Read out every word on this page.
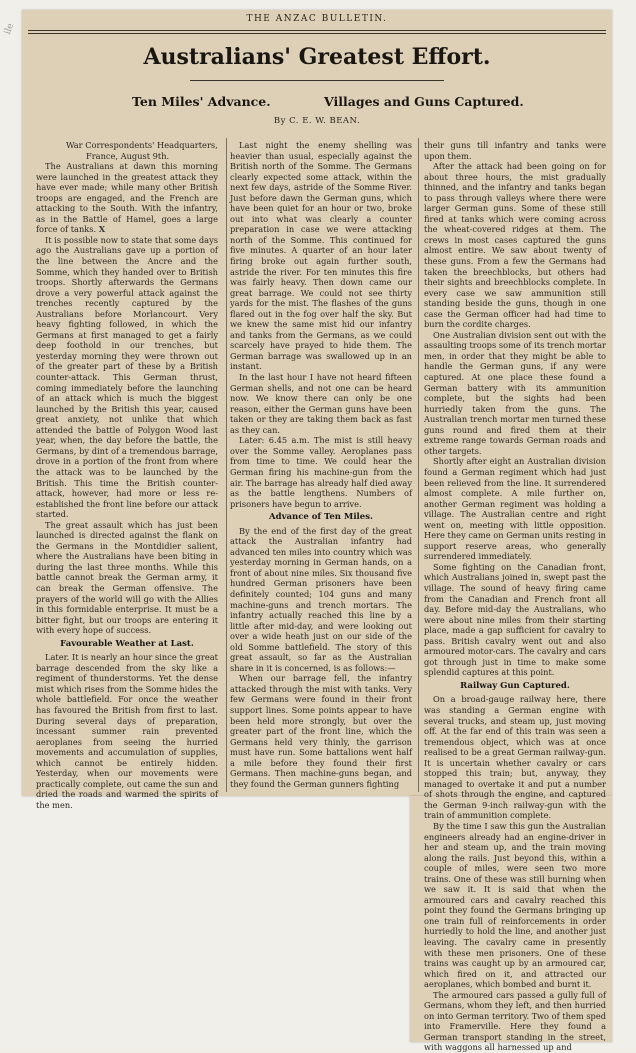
ile
THE ANZAC BULLETIN.
Australians' Greatest Effort.
Ten Miles' Advance.	Villages and Guns Captured.
By C. E. W. BEAN.

War Correspondents' Headquarters,

France, August 9th.

The Australians at dawn this morning were launched in the greatest attack they have ever made; while many other British troops are engaged, and the French are attacking to the South. With the infantry, as in the Battle of Hamel, goes a large force of tanks. X

It is possible now to state that some days ago the Australians gave up a portion of the line between the Ancre and the Somme, which they handed over to British troops. Shortly afterwards the Germans drove a very powerful attack against the trenches recently captured by the Australians before Morlancourt. Very heavy fighting followed, in which the Germans at first managed to get a fairly deep foothold in our trenches, but yesterday morning they were thrown out of the greater part of these by a British counter-attack. This German thrust, coming immediately before the launching of an attack which is much the biggest launched by the British this year, caused great anxiety, not unlike that which attended the battle of Polygon Wood last year, when, the day before the battle, the Germans, by dint of a tremendous barrage, drove in a portion of the front from where the attack was to be launched by the British. This time the British counter-attack, however, had more or less re-established the front line before our attack started.

The great assault which has just been launched is directed against the flank on the Germans in the Montdidier salient, where the Australians have been biting in during the last three months. While this battle cannot break the German army, it can break the German offensive. The prayers of the world will go with the Allies in this formidable enterprise. It must be a bitter fight, but our troops are entering it with every hope of success.

Favourable Weather at Last.

Later. It is nearly an hour since the great barrage descended from the sky like a regiment of thunderstorms. Yet the dense mist which rises from the Somme hides the whole battlefield. For once the weather has favoured the British from first to last. During several days of preparation, incessant summer rain prevented aeroplanes from seeing the hurried movements and accumulation of supplies, which cannot be entirely hidden. Yesterday, when our movements were practically complete, out came the sun and dried the roads and warmed the spirits of the men.

Last night the enemy shelling was heavier than usual, especially against the British north of the Somme. The Germans clearly expected some attack, within the next few days, astride of the Somme River. Just before dawn the German guns, which have been quiet for an hour or two, broke out into what was clearly a counter preparation in case we were attacking north of the Somme. This continued for five minutes. A quarter of an hour later firing broke out again further south, astride the river. For ten minutes this fire was fairly heavy. Then down came our great barrage. We could not see thirty yards for the mist. The flashes of the guns flared out in the fog over half the sky. But we knew the same mist hid our infantry and tanks from the Germans, as we could scarcely have prayed to hide them. The German barrage was swallowed up in an instant.

In the last hour I have not heard fifteen German shells, and not one can be heard now. We know there can only be one reason, either the German guns have been taken or they are taking them back as fast as they can.

Later: 6.45 a.m. The mist is still heavy over the Somme valley. Aeroplanes pass from time to time. We could hear the German firing his machine-gun from the air. The barrage has already half died away as the battle lengthens. Numbers of prisoners have begun to arrive.

Advance of Ten Miles.

By the end of the first day of the great attack the Australian infantry had advanced ten miles into country which was yesterday morning in German hands, on a front of about nine miles. Six thousand five hundred German prisoners have been definitely counted; 104 guns and many machine-guns and trench mortars. The infantry actually reached this line by a little after mid-day, and were looking out over a wide heath just on our side of the old Somme battlefield. The story of this great assault, so far as the Australian share in it is concerned, is as follows:—

When our barrage fell, the infantry attacked through the mist with tanks. Very few Germans were found in their front support lines. Some points appear to have been held more strongly, but over the greater part of the front line, which the Germans held very thinly, the garrison must have run. Some battalions went half a mile before they found their first Germans. Then machine-guns began, and they found the German gunners fighting

their guns till infantry and tanks were upon them.

After the attack had been going on for about three hours, the mist gradually thinned, and the infantry and tanks began to pass through valleys where there were larger German guns. Some of these still fired at tanks which were coming across the wheat-covered ridges at them. The crews in most cases captured the guns almost entire. We saw about twenty of these guns. From a few the Germans had taken the breechblocks, but others had their sights and breechblocks complete. In every case we saw ammunition still standing beside the guns, though in one case the German officer had had time to burn the cordite charges.

One Australian division sent out with the assaulting troops some of its trench mortar men, in order that they might be able to handle the German guns, if any were captured. At one place these found a German battery with its ammunition complete, but the sights had been hurriedly taken from the guns. The Australian trench mortar men turned these guns round and fired them at their extreme range towards German roads and other targets.

Shortly after eight an Australian division found a German regiment which had just been relieved from the line. It surrendered almost complete. A mile further on, another German regiment was holding a village. The Australian centre and right went on, meeting with little opposition. Here they came on German units resting in support reserve areas, who generally surrendered immediately.

Some fighting on the Canadian front, which Australians joined in, swept past the village. The sound of heavy firing came from the Canadian and French front all day. Before mid-day the Australians, who were about nine miles from their starting place, made a gap sufficient for cavalry to pass. British cavalry went out and also armoured motor-cars. The cavalry and cars got through just in time to make some splendid captures at this point.

Railway Gun Captured.

On a broad-gauge railway here, there was standing a German engine with several trucks, and steam up, just moving off. At the far end of this train was seen a tremendous object, which was at once realised to be a great German railway-gun. It is uncertain whether cavalry or cars stopped this train; but, anyway, they managed to overtake it and put a number of shots through the engine, and captured the German 9-inch railway-gun with the train of ammunition complete.

By the time I saw this gun the Australian engineers already had an engine-driver in her and steam up, and the train moving along the rails. Just beyond this, within a couple of miles, were seen two more trains. One of these was still burning when we saw it. It is said that when the armoured cars and cavalry reached this point they found the Germans bringing up one train full of reinforcements in order hurriedly to hold the line, and another just leaving. The cavalry came in presently with these men prisoners. One of these trains was caught up by an armoured car, which fired on it, and attracted our aeroplanes, which bombed and burnt it.

The armoured cars passed a gully full of Germans, whom they left, and then hurried on into German territory. Two of them sped into Framerville. Here they found a German transport standing in the street, with waggons all harnessed up and
